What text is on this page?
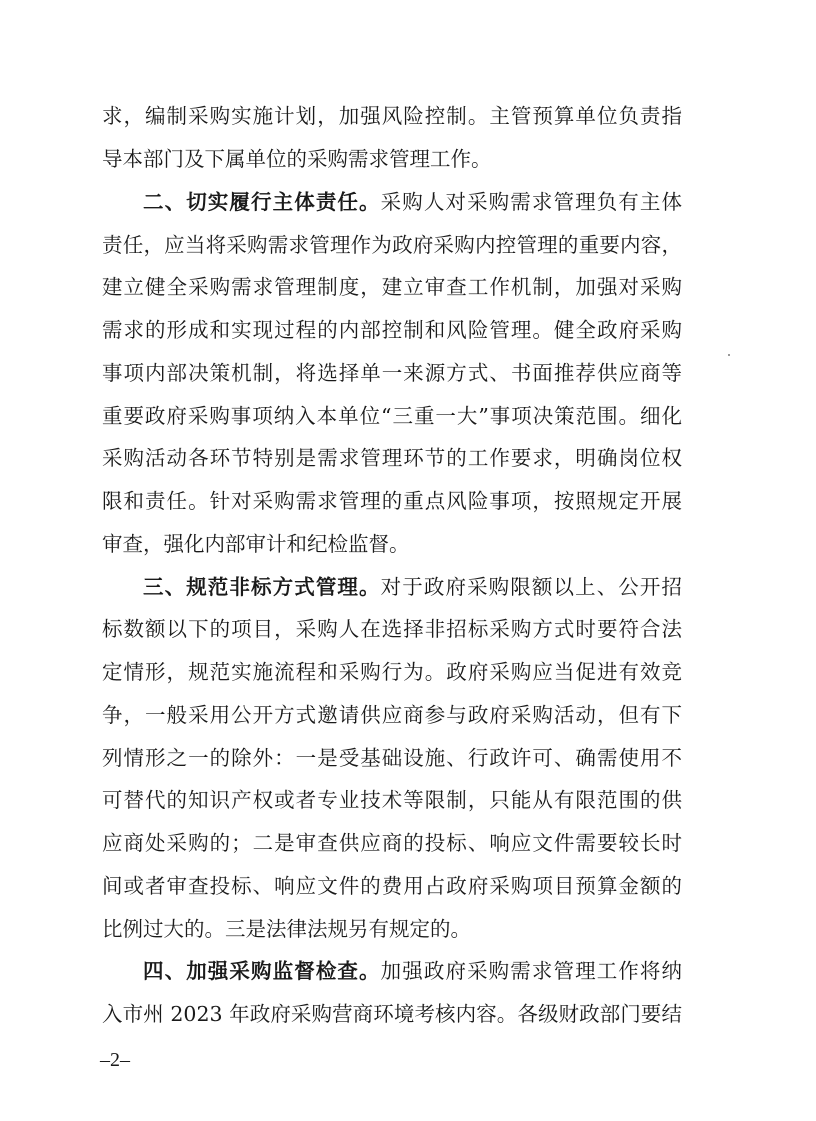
求，编制采购实施计划，加强风险控制。主管预算单位负责指
导本部门及下属单位的采购需求管理工作。
二、切实履行主体责任。采购人对采购需求管理负有主体
责任，应当将采购需求管理作为政府采购内控管理的重要内容，
建立健全采购需求管理制度，建立审查工作机制，加强对采购
需求的形成和实现过程的内部控制和风险管理。健全政府采购
事项内部决策机制，将选择单一来源方式、书面推荐供应商等
重要政府采购事项纳入本单位“三重一大”事项决策范围。细化
采购活动各环节特别是需求管理环节的工作要求，明确岗位权
限和责任。针对采购需求管理的重点风险事项，按照规定开展
审查，强化内部审计和纪检监督。
三、规范非标方式管理。对于政府采购限额以上、公开招
标数额以下的项目，采购人在选择非招标采购方式时要符合法
定情形，规范实施流程和采购行为。政府采购应当促进有效竞
争，一般采用公开方式邀请供应商参与政府采购活动，但有下
列情形之一的除外：一是受基础设施、行政许可、确需使用不
可替代的知识产权或者专业技术等限制，只能从有限范围的供
应商处采购的；二是审查供应商的投标、响应文件需要较长时
间或者审查投标、响应文件的费用占政府采购项目预算金额的
比例过大的。三是法律法规另有规定的。
四、加强采购监督检查。加强政府采购需求管理工作将纳
入市州 2023 年政府采购营商环境考核内容。各级财政部门要结
–2–
